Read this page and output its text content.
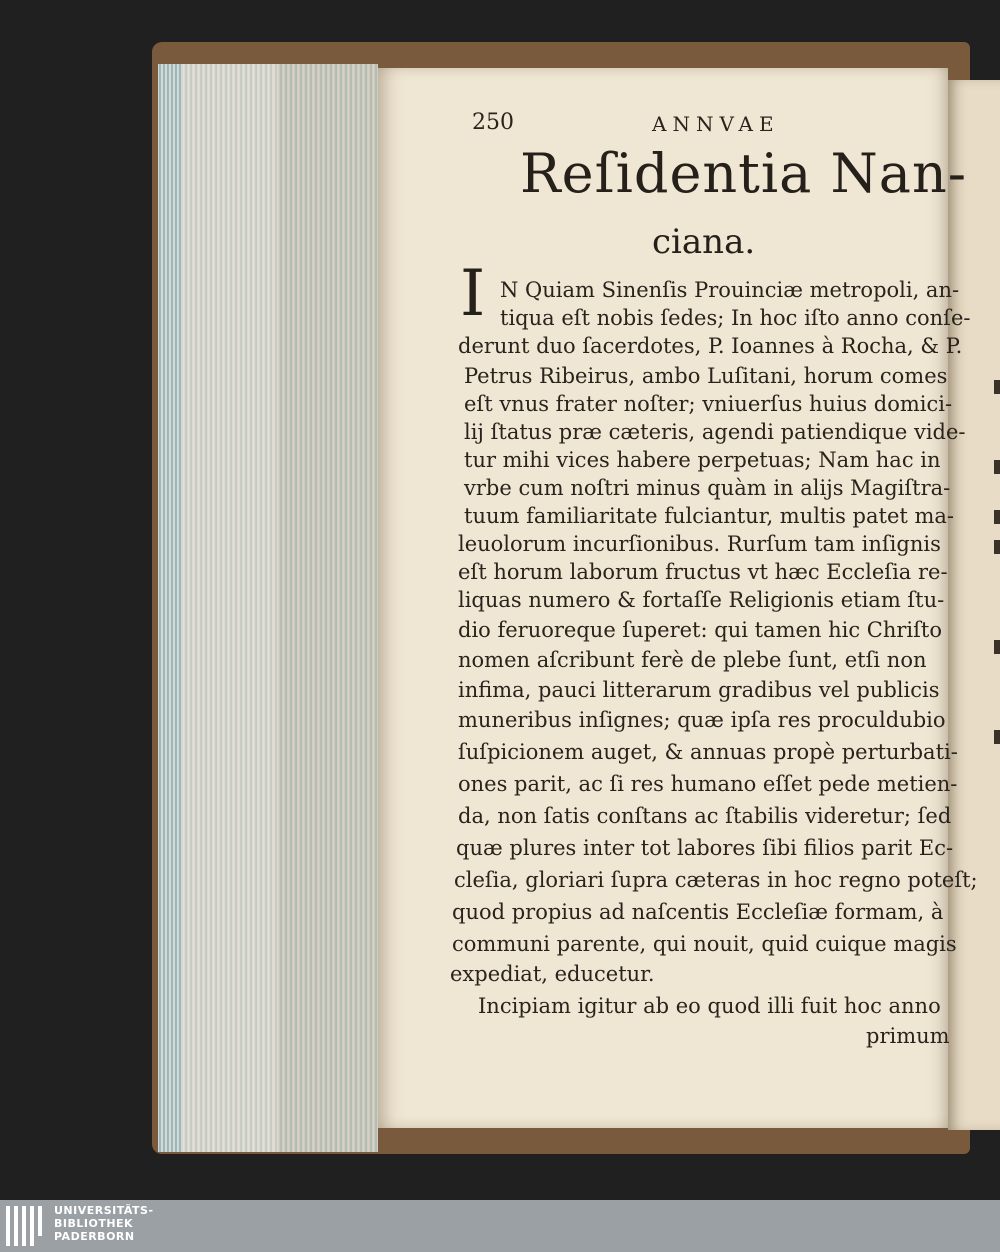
250	ANNVAE
Reſidentia Nan-
ciana.
I N Quiam Sinenſis Prouinciæ metropoli, an-
tiqua eſt nobis ſedes; In hoc iſto anno conſe-
derunt duo ſacerdotes, P. Ioannes à Rocha, & P.
Petrus Ribeirus, ambo Luſitani, horum comes
eſt vnus frater noſter; vniuerſus huius domici-
lij ſtatus præ cæteris, agendi patiendique vide-
tur mihi vices habere perpetuas; Nam hac in
vrbe cum noſtri minus quàm in alijs Magiſtra-
tuum familiaritate fulciantur, multis patet ma-
leuolorum incurſionibus. Rurſum tam inſignis
eſt horum laborum fructus vt hæc Eccleſia re-
liquas numero & fortaſſe Religionis etiam ſtu-
dio feruoreque ſuperet: qui tamen hic Chriſto
nomen aſcribunt ferè de plebe ſunt, etſi non
infima, pauci litterarum gradibus vel publicis
muneribus inſignes; quæ ipſa res proculdubio
ſuſpicionem auget, & annuas propè perturbati-
ones parit, ac ſi res humano eſſet pede metien-
da, non ſatis conſtans ac ſtabilis videretur; ſed
quæ plures inter tot labores ſibi filios parit Ec-
cleſia, gloriari ſupra cæteras in hoc regno poteſt;
quod propius ad naſcentis Eccleſiæ formam, à
communi parente, qui nouit, quid cuique magis
expediat, educetur.
Incipiam igitur ab eo quod illi fuit hoc anno
primum
UNIVERSITÄTS-
BIBLIOTHEK
PADERBORN
